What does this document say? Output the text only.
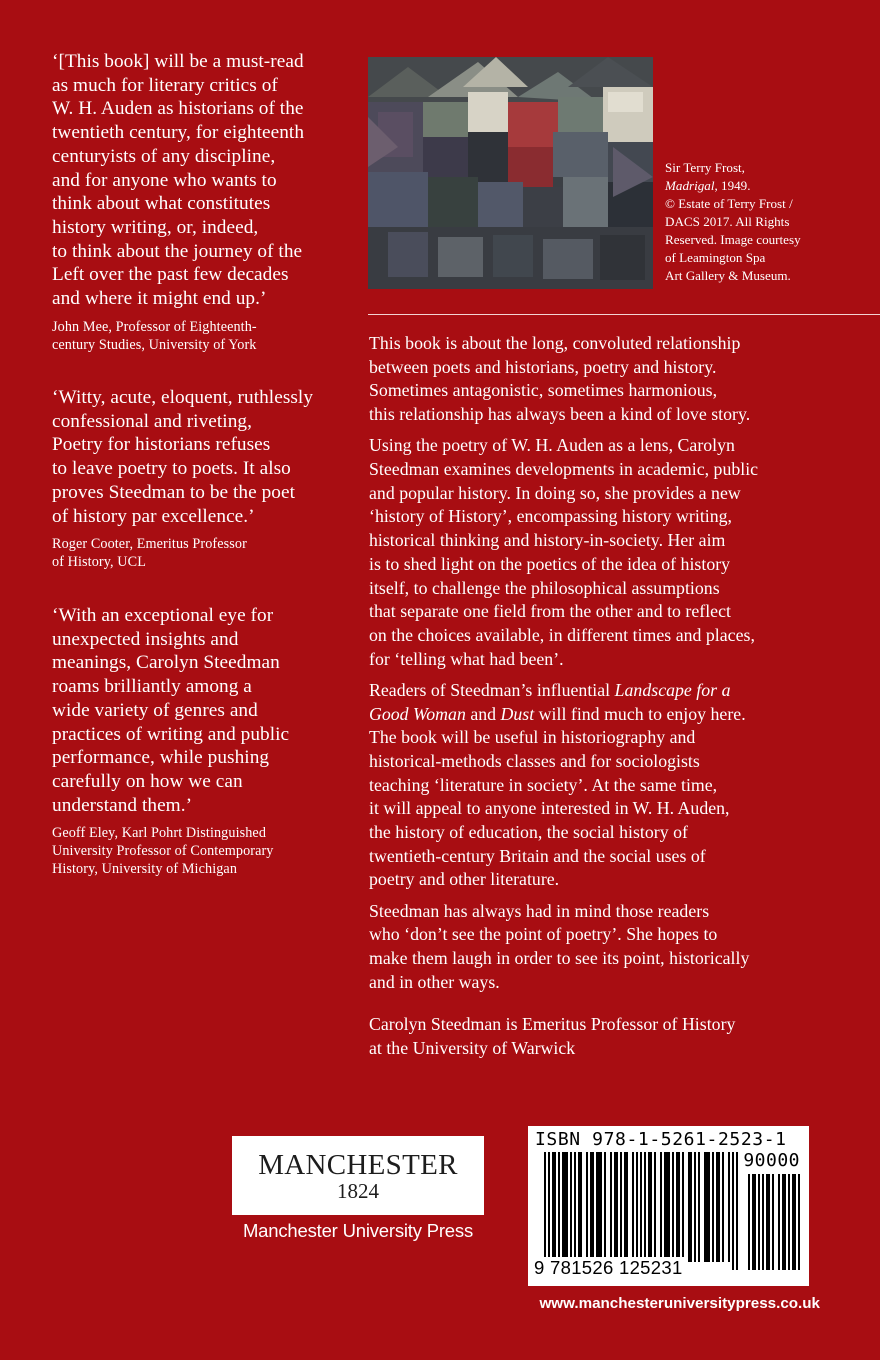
‘[This book] will be a must-read
as much for literary critics of
W. H. Auden as historians of the
twentieth century, for eighteenth
centuryists of any discipline,
and for anyone who wants to
think about what constitutes
history writing, or, indeed,
to think about the journey of the
Left over the past few decades
and where it might end up.’

John Mee, Professor of Eighteenth-
century Studies, University of York

‘Witty, acute, eloquent, ruthlessly
confessional and riveting,
Poetry for historians refuses
to leave poetry to poets. It also
proves Steedman to be the poet
of history par excellence.’

Roger Cooter, Emeritus Professor
of History, UCL

‘With an exceptional eye for
unexpected insights and
meanings, Carolyn Steedman
roams brilliantly among a
wide variety of genres and
practices of writing and public
performance, while pushing
carefully on how we can
understand them.’

Geoff Eley, Karl Pohrt Distinguished
University Professor of Contemporary
History, University of Michigan

Sir Terry Frost,

Madrigal, 1949.

© Estate of Terry Frost /

DACS 2017. All Rights

Reserved. Image courtesy

of Leamington Spa

Art Gallery & Museum.

This book is about the long, convoluted relationship
between poets and historians, poetry and history.
Sometimes antagonistic, sometimes harmonious,
this relationship has always been a kind of love story.

Using the poetry of W. H. Auden as a lens, Carolyn
Steedman examines developments in academic, public
and popular history. In doing so, she provides a new
‘history of History’, encompassing history writing,
historical thinking and history-in-society. Her aim
is to shed light on the poetics of the idea of history
itself, to challenge the philosophical assumptions
that separate one field from the other and to reflect
on the choices available, in different times and places,
for ‘telling what had been’.

Readers of Steedman’s influential Landscape for a
Good Woman and Dust will find much to enjoy here.
The book will be useful in historiography and
historical-methods classes and for sociologists
teaching ‘literature in society’. At the same time,
it will appeal to anyone interested in W. H. Auden,
the history of education, the social history of
twentieth-century Britain and the social uses of
poetry and other literature.

Steedman has always had in mind those readers
who ‘don’t see the point of poetry’. She hopes to
make them laugh in order to see its point, historically
and in other ways.

Carolyn Steedman is Emeritus Professor of History
at the University of Warwick

MANCHESTER
1824
Manchester University Press
ISBN 978-1-5261-2523-1
90000
9 781526 125231
www.manchesteruniversitypress.co.uk
